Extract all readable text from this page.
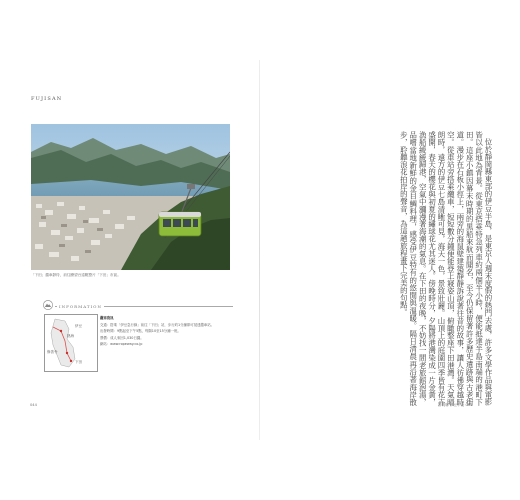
FUJISAN
「下田」纜車靜待，前往瞭望台遠眺整片「下田」市區。
INFORMATION
伊豆
下田
修善寺
熱海
纜車資訊

交通：搭乘「伊豆急行線」前往「下田」站，步行約1分鐘即可抵達纜車站。

出發時間：9點起至下午5點，每隔10至15分鐘一班。

票價：成人來回1,030日圓。

網站：www.ropeway.co.jp	位於靜岡縣東部的伊豆半島，是東京人週末度假的熱門去處，許多文學作品與電影皆以此地為背景。從東京搭乘特急列車約兩個半小時，便能抵達半島南端的港町下田。這座小鎮因幕末時期的黑船來航而聞名，至今仍保留著許多歷史遺跡與古老街道。漫步在石板小徑上，兩旁的海鼠壁建築靜靜訴說著往昔的故事，讓人彷彿穿越時空。從車站旁搭乘纜車，短短數分鐘便能登上寢姿山頂，俯瞰整座下田港灣。天氣晴朗時，遠方的伊豆七島清晰可見，海天一色，景致壯麗。山頂上的庭園四季皆有花卉盛開，春天的櫻花與初夏的繡球花尤其迷人。傍晚時分，夕陽將港灣染成一片金黃，漁船緩緩歸港，空氣中瀰漫著海潮的氣息。在下田的夜晚，不妨找一間老旅館泡湯，品嚐當地新鮮的金目鯛料理，感受伊豆特有的悠閒與溫暖。隔日清晨再沿著海岸散步，聆聽浪花拍岸的聲音，為這趟旅程畫下完美的句點。

044	靜岡縣 伊豆半島 045
